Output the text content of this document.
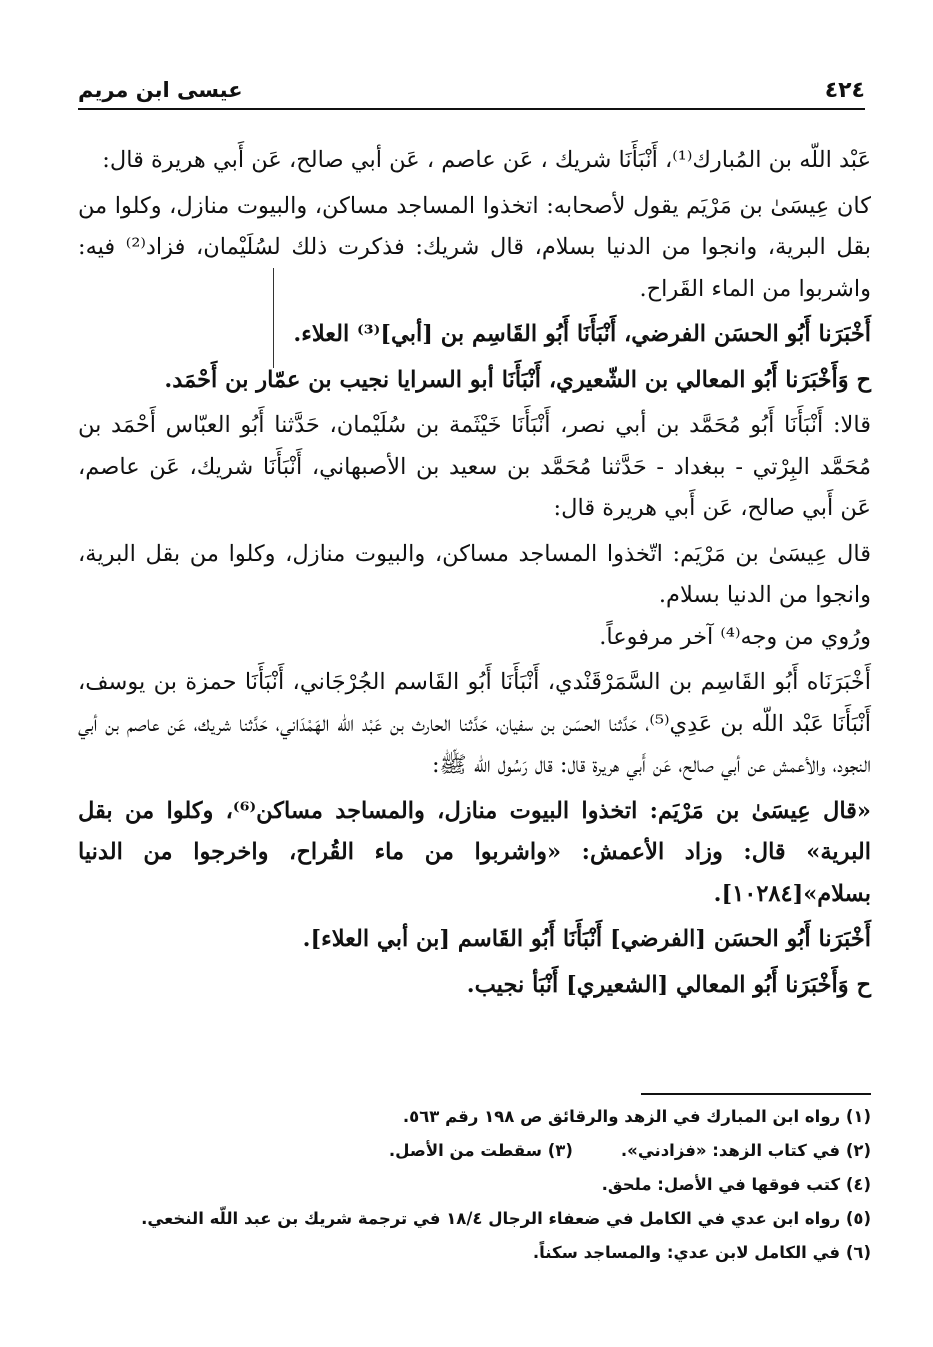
٤٢٤
عيسى ابن مريم

عَبْد اللّه بن المُبارك⁽¹⁾، أَنْبَأَنَا شريك ، عَن عاصم ، عَن أبي صالح، عَن أَبي هريرة قال:

كان عِيسَىٰ بن مَرْيَم يقول لأصحابه: اتخذوا المساجد مساكن، والبيوت منازل، وكلوا من بقل البرية، وانجوا من الدنيا بسلام، قال شريك: فذكرت ذلك لسُلَيْمان، فزاد⁽²⁾ فيه: واشربوا من الماء القَراح.

أَخْبَرَنا أَبُو الحسَن الفرضي، أَنْبَأَنَا أَبُو القَاسِم بن [أبي]⁽³⁾ العلاء.

ح وَأَخْبَرَنا أَبُو المعالي بن الشّعيري، أَنْبَأَنَا أبو السرايا نجيب بن عمّار بن أَحْمَد.

قالا: أَنْبَأَنَا أَبُو مُحَمَّد بن أبي نصر، أَنْبَأَنَا خَيْثَمة بن سُلَيْمان، حَدَّثنا أَبُو العبّاس أَحْمَد بن مُحَمَّد البِرْتي - ببغداد - حَدَّثنا مُحَمَّد بن سعيد بن الأصبهاني، أَنْبَأَنَا شريك، عَن عاصم، عَن أَبي صالح، عَن أَبي هريرة قال:

قال عِيسَىٰ بن مَرْيَم: اتّخذوا المساجد مساكن، والبيوت منازل، وكلوا من بقل البرية، وانجوا من الدنيا بسلام.

ورُوي من وجه⁽⁴⁾ آخر مرفوعاً.

أَخْبَرَنَاه أَبُو القَاسِم بن السَّمَرْقَنْدي، أَنْبَأَنَا أَبُو القَاسم الجُرْجَاني، أَنْبَأَنَا حمزة بن يوسف، أَنْبَأَنَا عَبْد اللّه بن عَدِي⁽⁵⁾، حَدَّثنا الحسَن بن سفيان، حَدَّثنا الحارث بن عَبْد اللّه الهَمْدَاني، حَدَّثنا شريك، عَن عاصم بن أبي النجود، والأعمش عن أبي صالح، عَن أَبي هريرة قال: قال رَسُول اللّه ﷺ:

«قال عِيسَىٰ بن مَرْيَم: اتخذوا البيوت منازل، والمساجد مساكن⁽⁶⁾، وكلوا من بقل البرية» قال: وزاد الأعمش: «واشربوا من ماء القُراح، واخرجوا من الدنيا بسلام»[١٠٢٨٤].

أَخْبَرَنا أَبُو الحسَن [الفرضي] أَنْبَأَنَا أَبُو القَاسم [بن أبي العلاء].

ح وَأَخْبَرَنا أَبُو المعالي [الشعيري] أَنْبَأ نجيب.

(١) رواه ابن المبارك في الزهد والرقائق ص ١٩٨ رقم ٥٦٣.
(٢) في كتاب الزهد: «فزادني».
(٣) سقطت من الأصل.
(٤) كتب فوقها في الأصل: ملحق.
(٥) رواه ابن عدي في الكامل في ضعفاء الرجال ١٨/٤ في ترجمة شريك بن عبد اللّه النخعي.
(٦) في الكامل لابن عدي: والمساجد سكناً.
